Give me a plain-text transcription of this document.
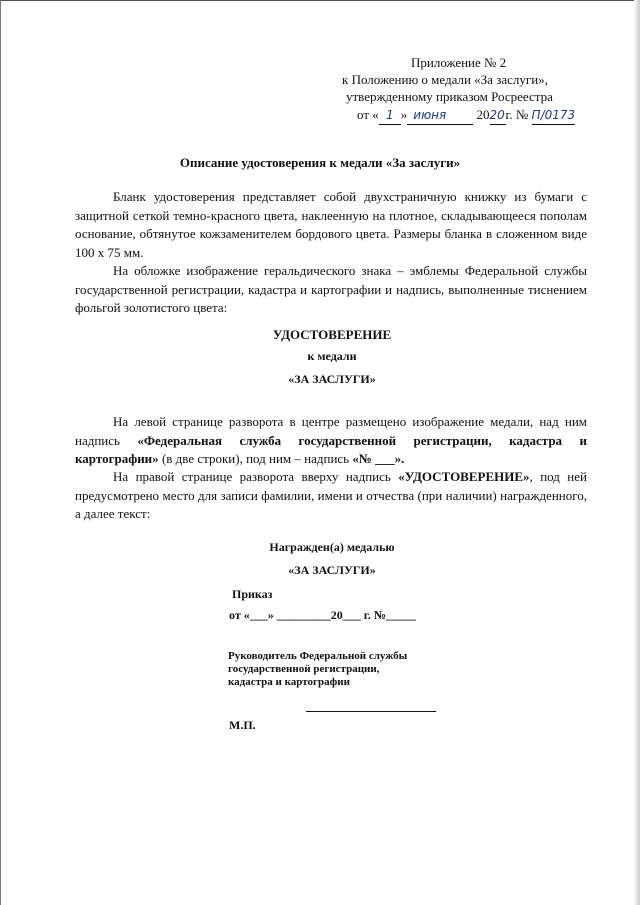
Приложение № 2
к Положению о медали «За заслуги»,
утвержденному приказом Росреестра
от « 1 » июня 2020г. № П/0173
Описание удостоверения к медали «За заслуги»

Бланк удостоверения представляет собой двухстраничную книжку из бумаги с защитной сеткой темно-красного цвета, наклеенную на плотное, складывающееся пополам основание, обтянутое кожзаменителем бордового цвета. Размеры бланка в сложенном виде 100 х 75 мм.

На обложке изображение геральдического знака – эмблемы Федеральной службы государственной регистрации, кадастра и картографии и надпись, выполненные тиснением фольгой золотистого цвета:

УДОСТОВЕРЕНИЕ
к медали
«ЗА ЗАСЛУГИ»

На левой странице разворота в центре размещено изображение медали, над ним надпись «Федеральная служба государственной регистрации, кадастра и картографии» (в две строки), под ним – надпись «№ ___».

На правой странице разворота вверху надпись «УДОСТОВЕРЕНИЕ», под ней предусмотрено место для записи фамилии, имени и отчества (при наличии) награжденного, а далее текст:

Награжден(а) медалью
«ЗА ЗАСЛУГИ»
Приказ
от «___» _________20___ г. №_____
Руководитель Федеральной службы
государственной регистрации,
кадастра и картографии
М.П.
